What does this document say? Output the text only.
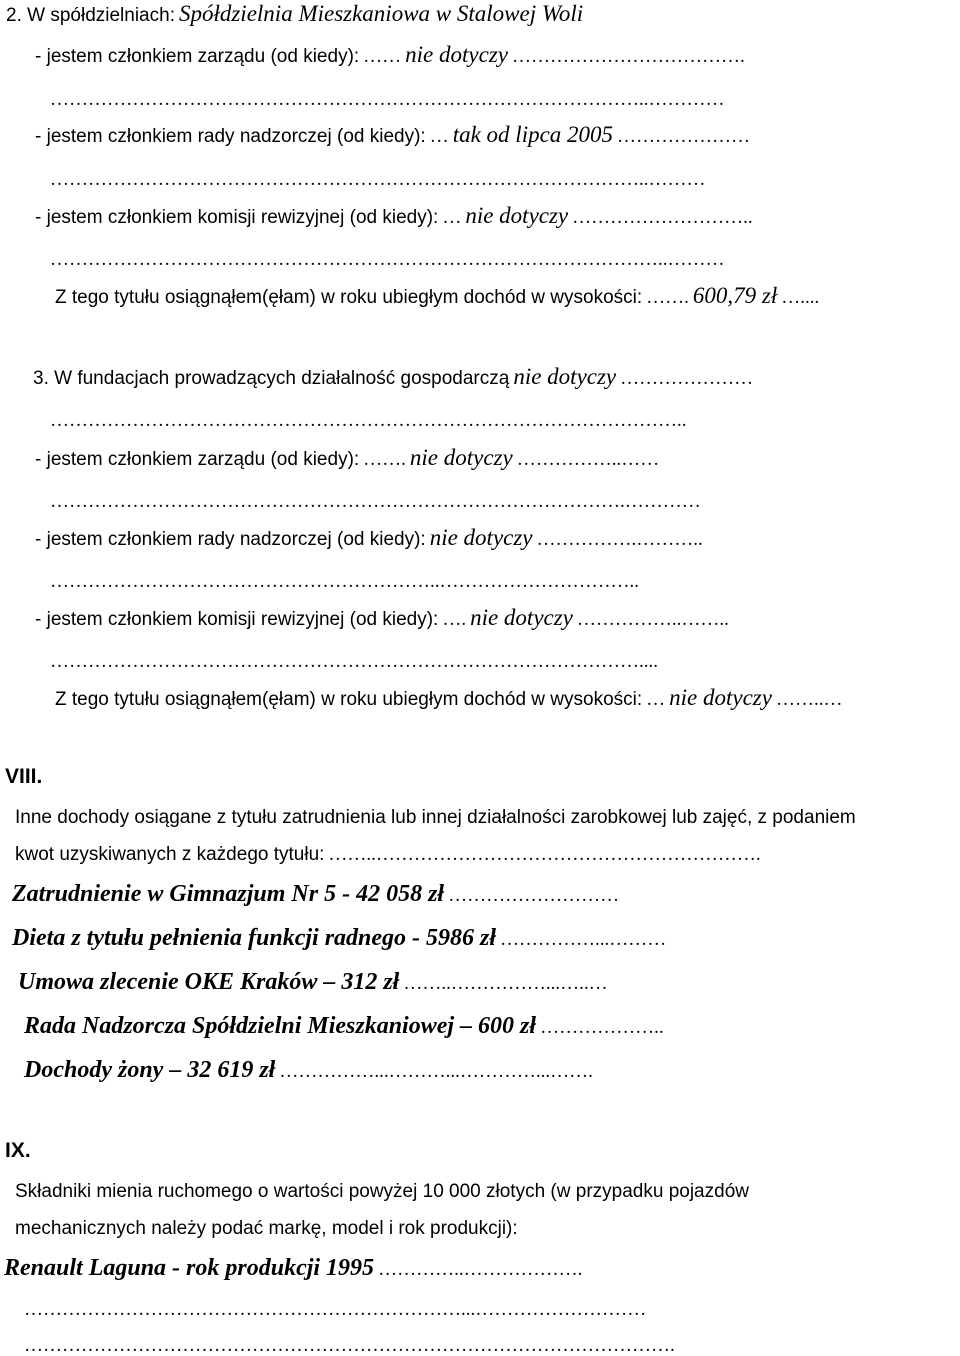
2. W spółdzielniach: Spółdzielnia Mieszkaniowa w Stalowej Woli
- jestem członkiem zarządu (od kiedy): …… nie dotyczy ……………………………….
…………………………………………………………………………………..…………
- jestem członkiem rady nadzorczej (od kiedy): … tak od lipca 2005 …………………
…………………………………………………………………………………..………
- jestem członkiem komisji rewizyjnej (od kiedy): … nie dotyczy ………………………..
……………………………………………………………………………………..………
Z tego tytułu osiągnąłem(ęłam) w roku ubiegłym dochód w wysokości: ……. 600,79 zł …....
3. W fundacjach prowadzących działalność gospodarczą nie dotyczy …………………
………………………………………………………………………………………..
- jestem członkiem zarządu (od kiedy): ……. nie dotyczy ……………..……
……………………………………………………………………………….…………
- jestem członkiem rady nadzorczej (od kiedy): nie dotyczy …………….………..
……………………………………………………..…………………………..
- jestem członkiem komisji rewizyjnej (od kiedy): …. nie dotyczy ……………..……..
…………………………………………………………………………………....
Z tego tytułu osiągnąłem(ęłam) w roku ubiegłym dochód w wysokości: … nie dotyczy ……..…
VIII.
Inne dochody osiągane z tytułu zatrudnienia lub innej działalności zarobkowej lub zajęć, z podaniem
kwot uzyskiwanych z każdego tytułu: ……..…………………………………………………….
Zatrudnienie w Gimnazjum Nr 5 - 42 058 zł ………………………
Dieta z tytułu pełnienia funkcji radnego - 5986 zł ……………...………
Umowa zlecenie OKE Kraków – 312 zł ……..……………...…..…
Rada Nadzorcza Spółdzielni Mieszkaniowej – 600 zł ………………..
Dochody żony – 32 619 zł ……………...………...…………...…….
IX.
Składniki mienia ruchomego o wartości powyżej 10 000 złotych (w przypadku pojazdów
mechanicznych należy podać markę, model i rok produkcji):
Renault Laguna - rok produkcji 1995 …………..……………….
……………………………………………………………...………………………
………………………………………………………………………………………….
